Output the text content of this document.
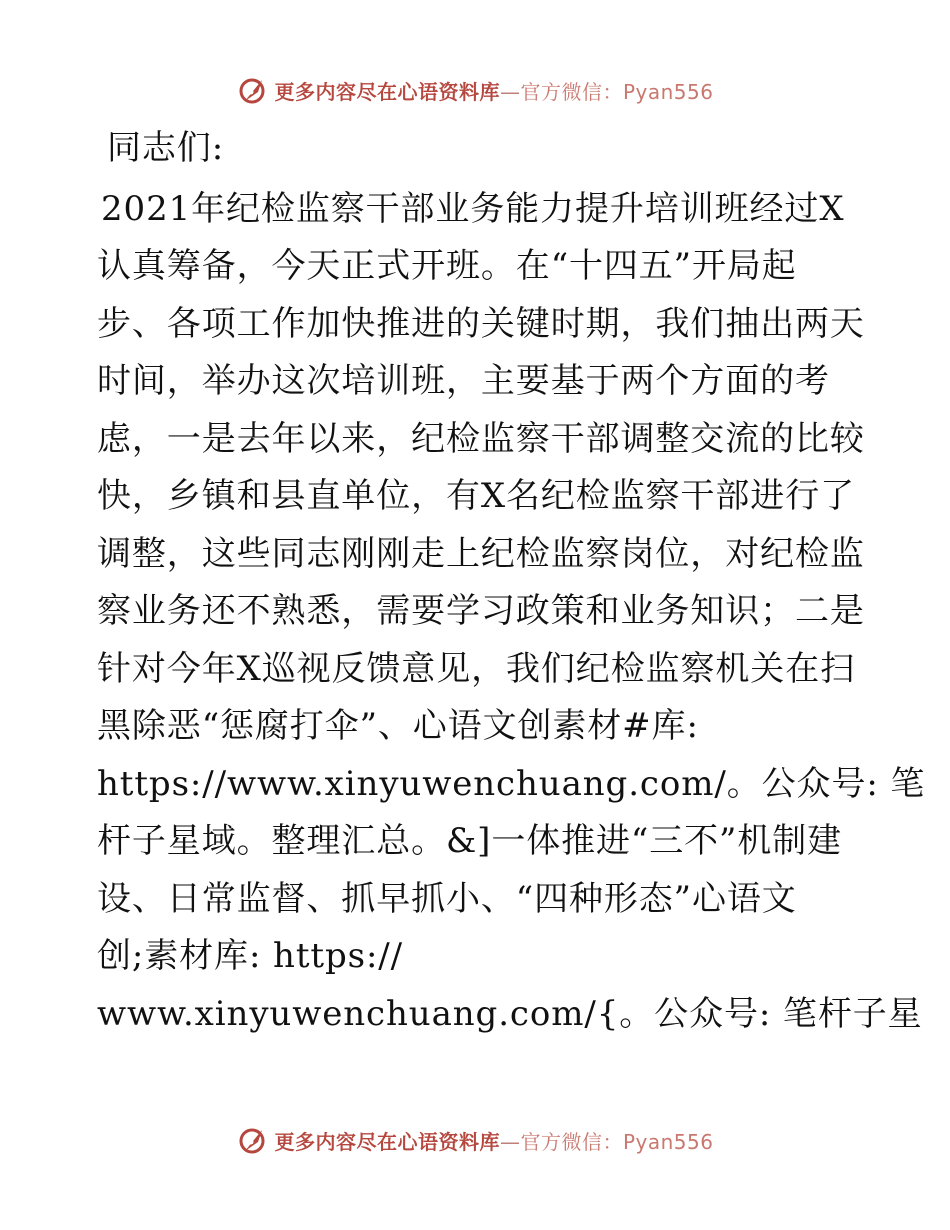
更多内容尽在心语资料库—官方微信：Pyan556
同志们:
2021年纪检监察干部业务能力提升培训班经过X
认真筹备，今天正式开班。在“十四五”开局起
步、各项工作加快推进的关键时期，我们抽出两天
时间，举办这次培训班，主要基于两个方面的考
虑，一是去年以来，纪检监察干部调整交流的比较
快，乡镇和县直单位，有X名纪检监察干部进行了
调整，这些同志刚刚走上纪检监察岗位，对纪检监
察业务还不熟悉，需要学习政策和业务知识；二是
针对今年X巡视反馈意见，我们纪检监察机关在扫
黑除恶“惩腐打伞”、心语文创素材#库:
https://www.xinyuwenchuang.com/。公众号: 笔
杆子星域。整理汇总。&]一体推进“三不”机制建
设、日常监督、抓早抓小、“四种形态”心语文
创;素材库: https://
www.xinyuwenchuang.com/{。公众号: 笔杆子星
更多内容尽在心语资料库—官方微信：Pyan556
